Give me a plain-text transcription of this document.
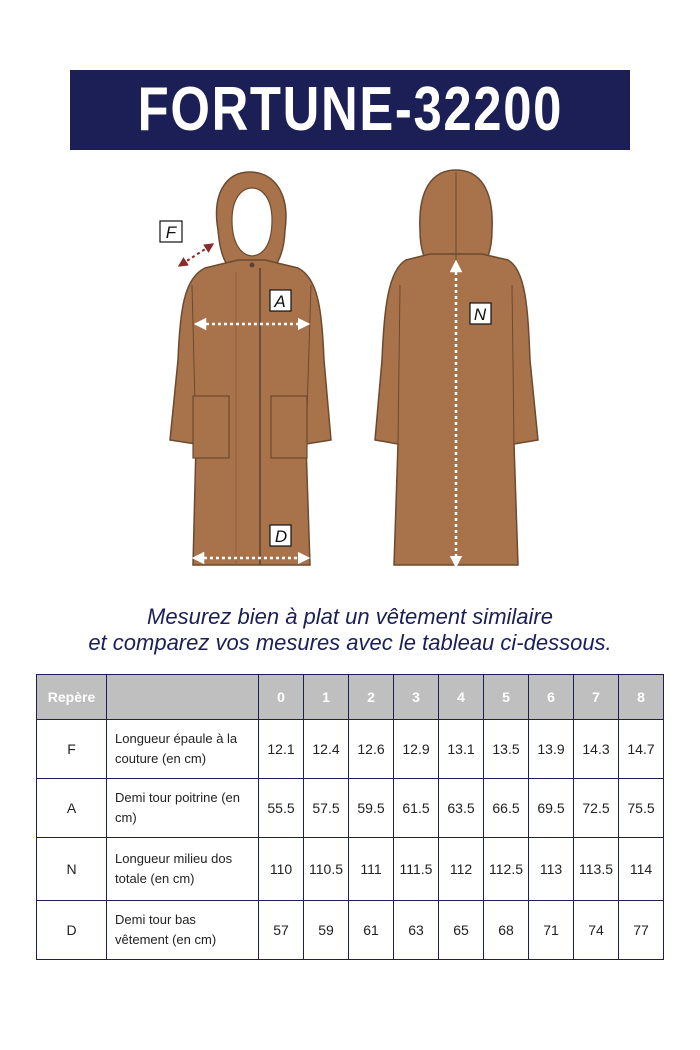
FORTUNE-32200
F
A
D
N
Mesurez bien à plat un vêtement similaire
et comparez vos mesures avec le tableau ci-dessous.
Repère		0	1	2	3	4	5	6	7	8
F	Longueur épaule à la couture (en cm)	12.1	12.4	12.6	12.9	13.1	13.5	13.9	14.3	14.7
A	Demi tour poitrine (en cm)	55.5	57.5	59.5	61.5	63.5	66.5	69.5	72.5	75.5
N	Longueur milieu dos totale (en cm)	110	110.5	111	111.5	112	112.5	113	113.5	114
D	Demi tour bas vêtement (en cm)	57	59	61	63	65	68	71	74	77
